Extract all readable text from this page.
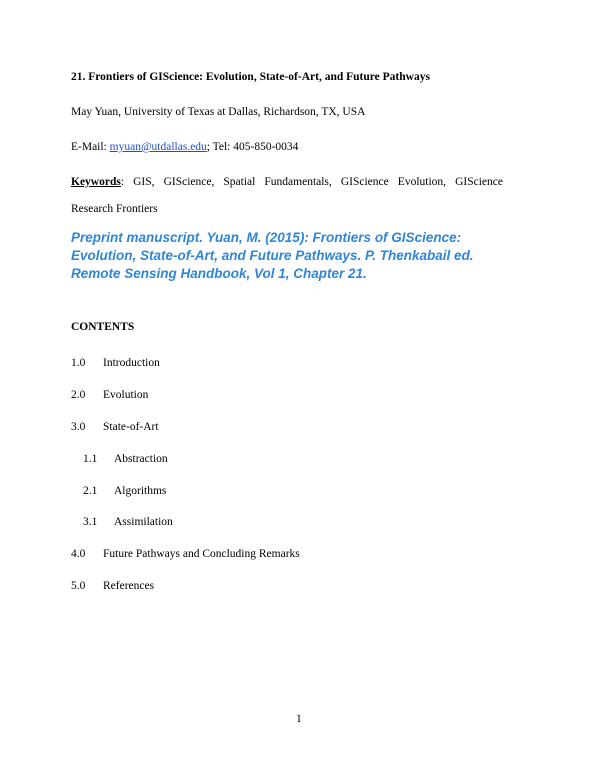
21. Frontiers of GIScience: Evolution, State-of-Art, and Future Pathways
May Yuan, University of Texas at Dallas, Richardson, TX, USA
E-Mail: myuan@utdallas.edu; Tel: 405-850-0034
Keywords: GIS, GIScience, Spatial Fundamentals, GIScience Evolution, GIScience
Research Frontiers
Preprint manuscript. Yuan, M. (2015): Frontiers of GIScience:
Evolution, State-of-Art, and Future Pathways. P. Thenkabail ed.
Remote Sensing Handbook, Vol 1, Chapter 21.
CONTENTS
1.0 Introduction
2.0 Evolution
3.0 State-of-Art
1.1 Abstraction
2.1 Algorithms
3.1 Assimilation
4.0 Future Pathways and Concluding Remarks
5.0 References
1
